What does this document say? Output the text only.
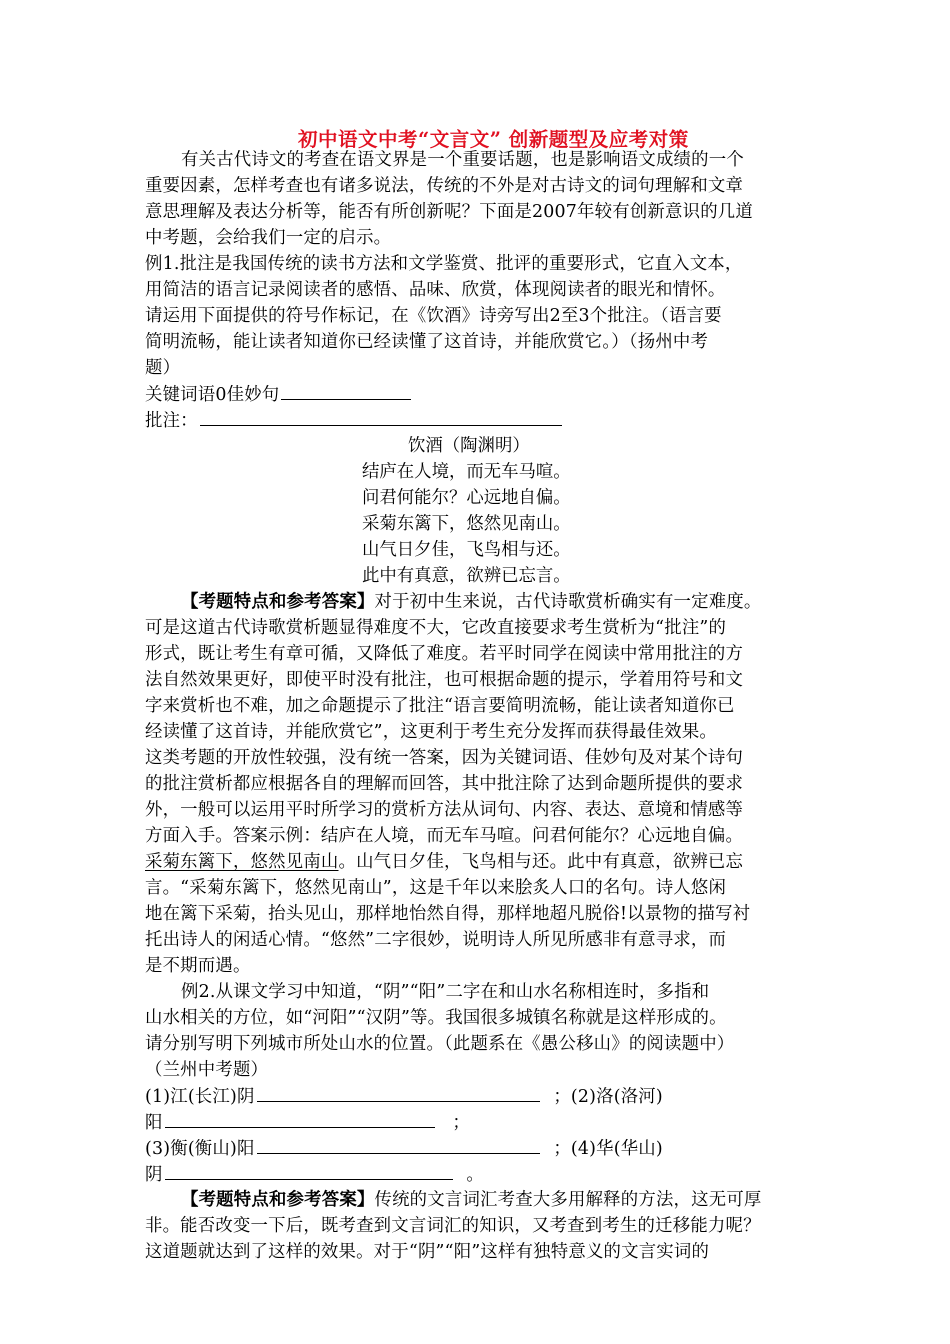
初中语文中考“文言文” 创新题型及应考对策
有关古代诗文的考查在语文界是一个重要话题，也是影响语文成绩的一个
重要因素，怎样考查也有诸多说法，传统的不外是对古诗文的词句理解和文章
意思理解及表达分析等，能否有所创新呢？下面是2007年较有创新意识的几道
中考题，会给我们一定的启示。
例1.批注是我国传统的读书方法和文学鉴赏、批评的重要形式，它直入文本，
用简洁的语言记录阅读者的感悟、品味、欣赏，体现阅读者的眼光和情怀。
请运用下面提供的符号作标记，在《饮酒》诗旁写出2至3个批注。（语言要
简明流畅，能让读者知道你已经读懂了这首诗，并能欣赏它。）（扬州中考
题）
关键词语0佳妙句
批注：
饮酒（陶渊明）
结庐在人境，而无车马喧。
问君何能尔？心远地自偏。
采菊东篱下，悠然见南山。
山气日夕佳，飞鸟相与还。
此中有真意，欲辨已忘言。
【考题特点和参考答案】对于初中生来说，古代诗歌赏析确实有一定难度。
可是这道古代诗歌赏析题显得难度不大，它改直接要求考生赏析为“批注”的
形式，既让考生有章可循，又降低了难度。若平时同学在阅读中常用批注的方
法自然效果更好，即使平时没有批注，也可根据命题的提示，学着用符号和文
字来赏析也不难，加之命题提示了批注“语言要简明流畅，能让读者知道你已
经读懂了这首诗，并能欣赏它”，这更利于考生充分发挥而获得最佳效果。
这类考题的开放性较强，没有统一答案，因为关键词语、佳妙句及对某个诗句
的批注赏析都应根据各自的理解而回答，其中批注除了达到命题所提供的要求
外，一般可以运用平时所学习的赏析方法从词句、内容、表达、意境和情感等
方面入手。答案示例：结庐在人境，而无车马喧。问君何能尔？心远地自偏。
采菊东篱下，悠然见南山。山气日夕佳，飞鸟相与还。此中有真意，欲辨已忘
言。“采菊东篱下，悠然见南山”，这是千年以来脍炙人口的名句。诗人悠闲
地在篱下采菊，抬头见山，那样地怡然自得，那样地超凡脱俗!以景物的描写衬
托出诗人的闲适心情。“悠然”二字很妙，说明诗人所见所感非有意寻求，而
是不期而遇。
例2.从课文学习中知道，“阴”“阳”二字在和山水名称相连时，多指和
山水相关的方位，如“河阳”“汉阴”等。我国很多城镇名称就是这样形成的。
请分别写明下列城市所处山水的位置。（此题系在《愚公移山》的阅读题中）
（兰州中考题）
(1)江(长江)阴	；(2)洛(洛河)
阳	；
(3)衡(衡山)阳	；(4)华(华山)
阴	。
【考题特点和参考答案】传统的文言词汇考查大多用解释的方法，这无可厚
非。能否改变一下后，既考查到文言词汇的知识，又考查到考生的迁移能力呢？
这道题就达到了这样的效果。对于“阴”“阳”这样有独特意义的文言实词的
